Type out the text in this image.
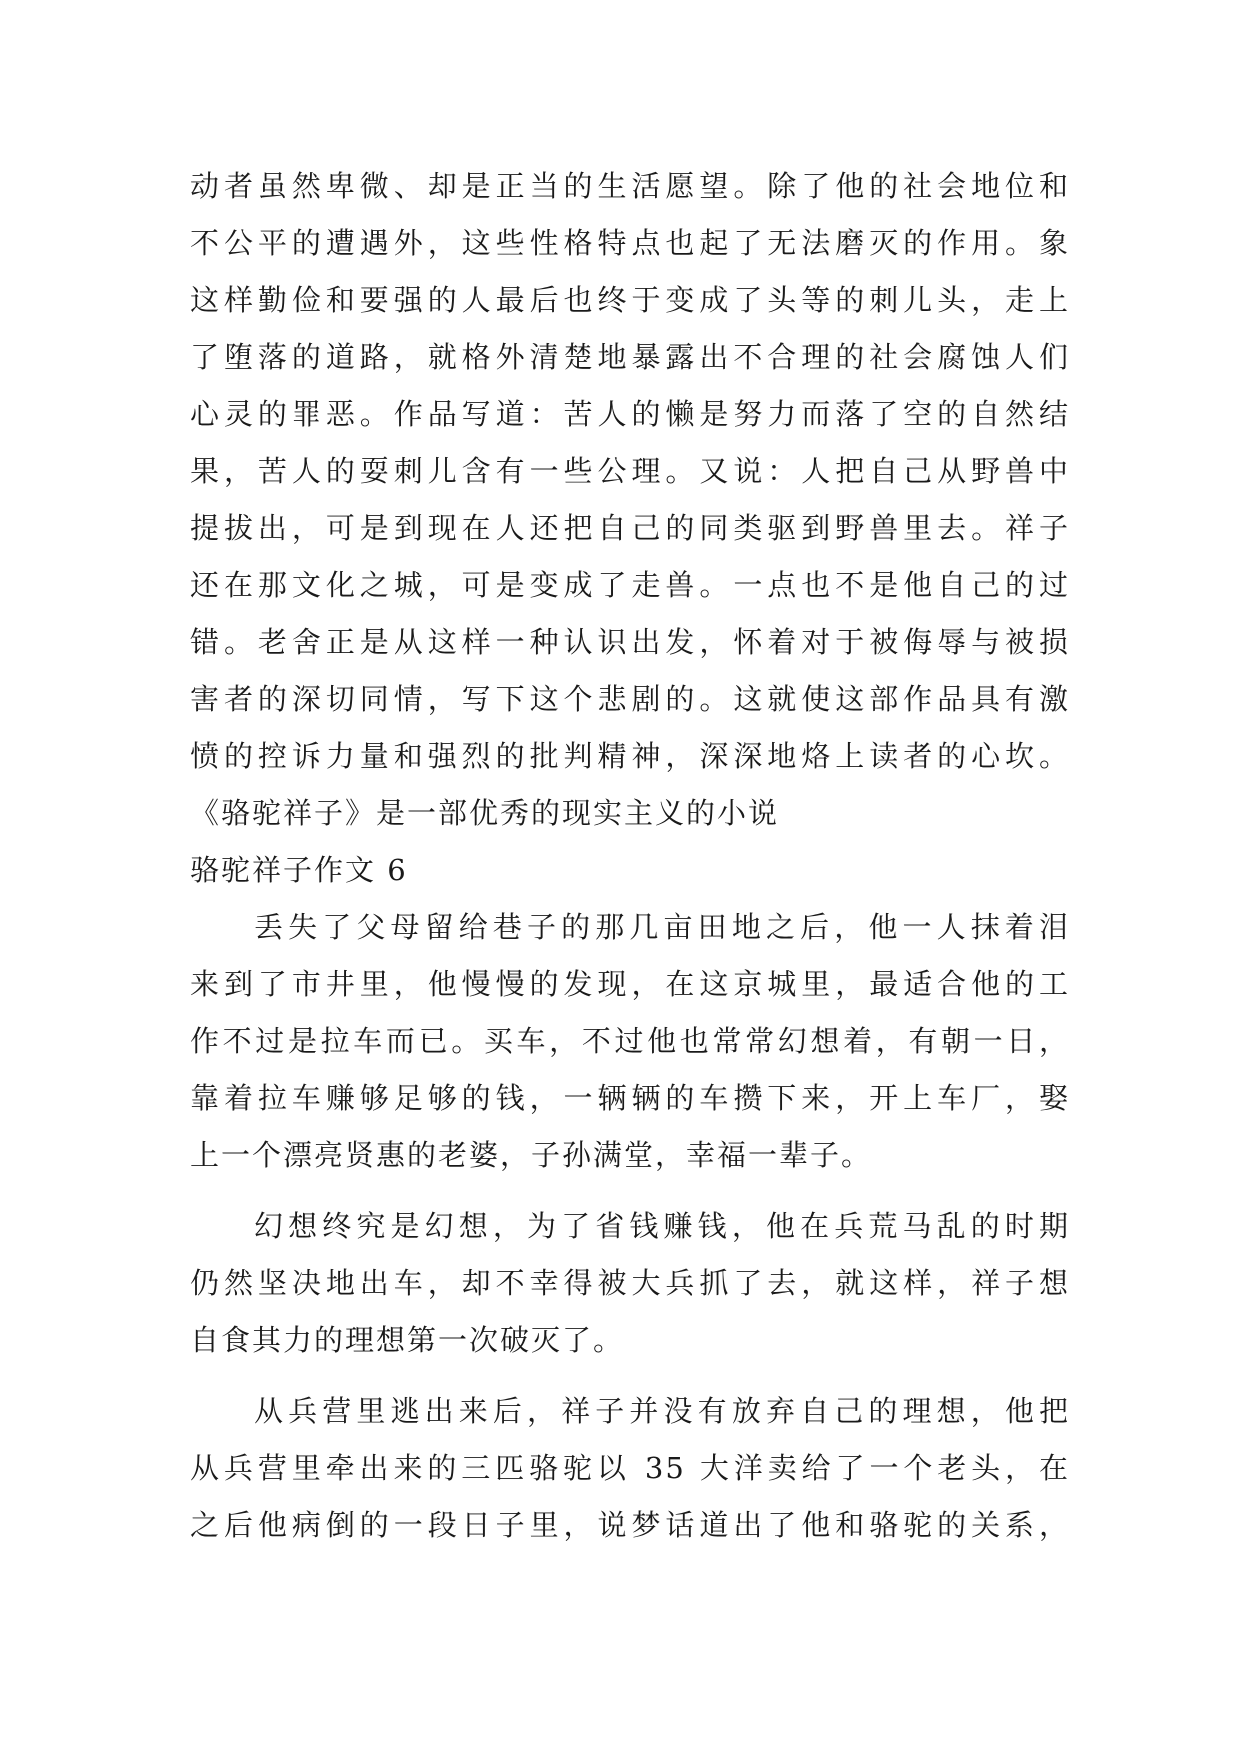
动者虽然卑微、却是正当的生活愿望。除了他的社会地位和
不公平的遭遇外，这些性格特点也起了无法磨灭的作用。象
这样勤俭和要强的人最后也终于变成了头等的刺儿头，走上
了堕落的道路，就格外清楚地暴露出不合理的社会腐蚀人们
心灵的罪恶。作品写道：苦人的懒是努力而落了空的自然结
果，苦人的耍刺儿含有一些公理。又说：人把自己从野兽中
提拔出，可是到现在人还把自己的同类驱到野兽里去。祥子
还在那文化之城，可是变成了走兽。一点也不是他自己的过
错。老舍正是从这样一种认识出发，怀着对于被侮辱与被损
害者的深切同情，写下这个悲剧的。这就使这部作品具有激
愤的控诉力量和强烈的批判精神，深深地烙上读者的心坎。
《骆驼祥子》是一部优秀的现实主义的小说
骆驼祥子作文 6
丢失了父母留给巷子的那几亩田地之后，他一人抹着泪
来到了市井里，他慢慢的发现，在这京城里，最适合他的工
作不过是拉车而已。买车，不过他也常常幻想着，有朝一日，
靠着拉车赚够足够的钱，一辆辆的车攒下来，开上车厂，娶
上一个漂亮贤惠的老婆，子孙满堂，幸福一辈子。
幻想终究是幻想，为了省钱赚钱，他在兵荒马乱的时期
仍然坚决地出车，却不幸得被大兵抓了去，就这样，祥子想
自食其力的理想第一次破灭了。
从兵营里逃出来后，祥子并没有放弃自己的理想，他把
从兵营里牵出来的三匹骆驼以 35 大洋卖给了一个老头，在
之后他病倒的一段日子里，说梦话道出了他和骆驼的关系，
